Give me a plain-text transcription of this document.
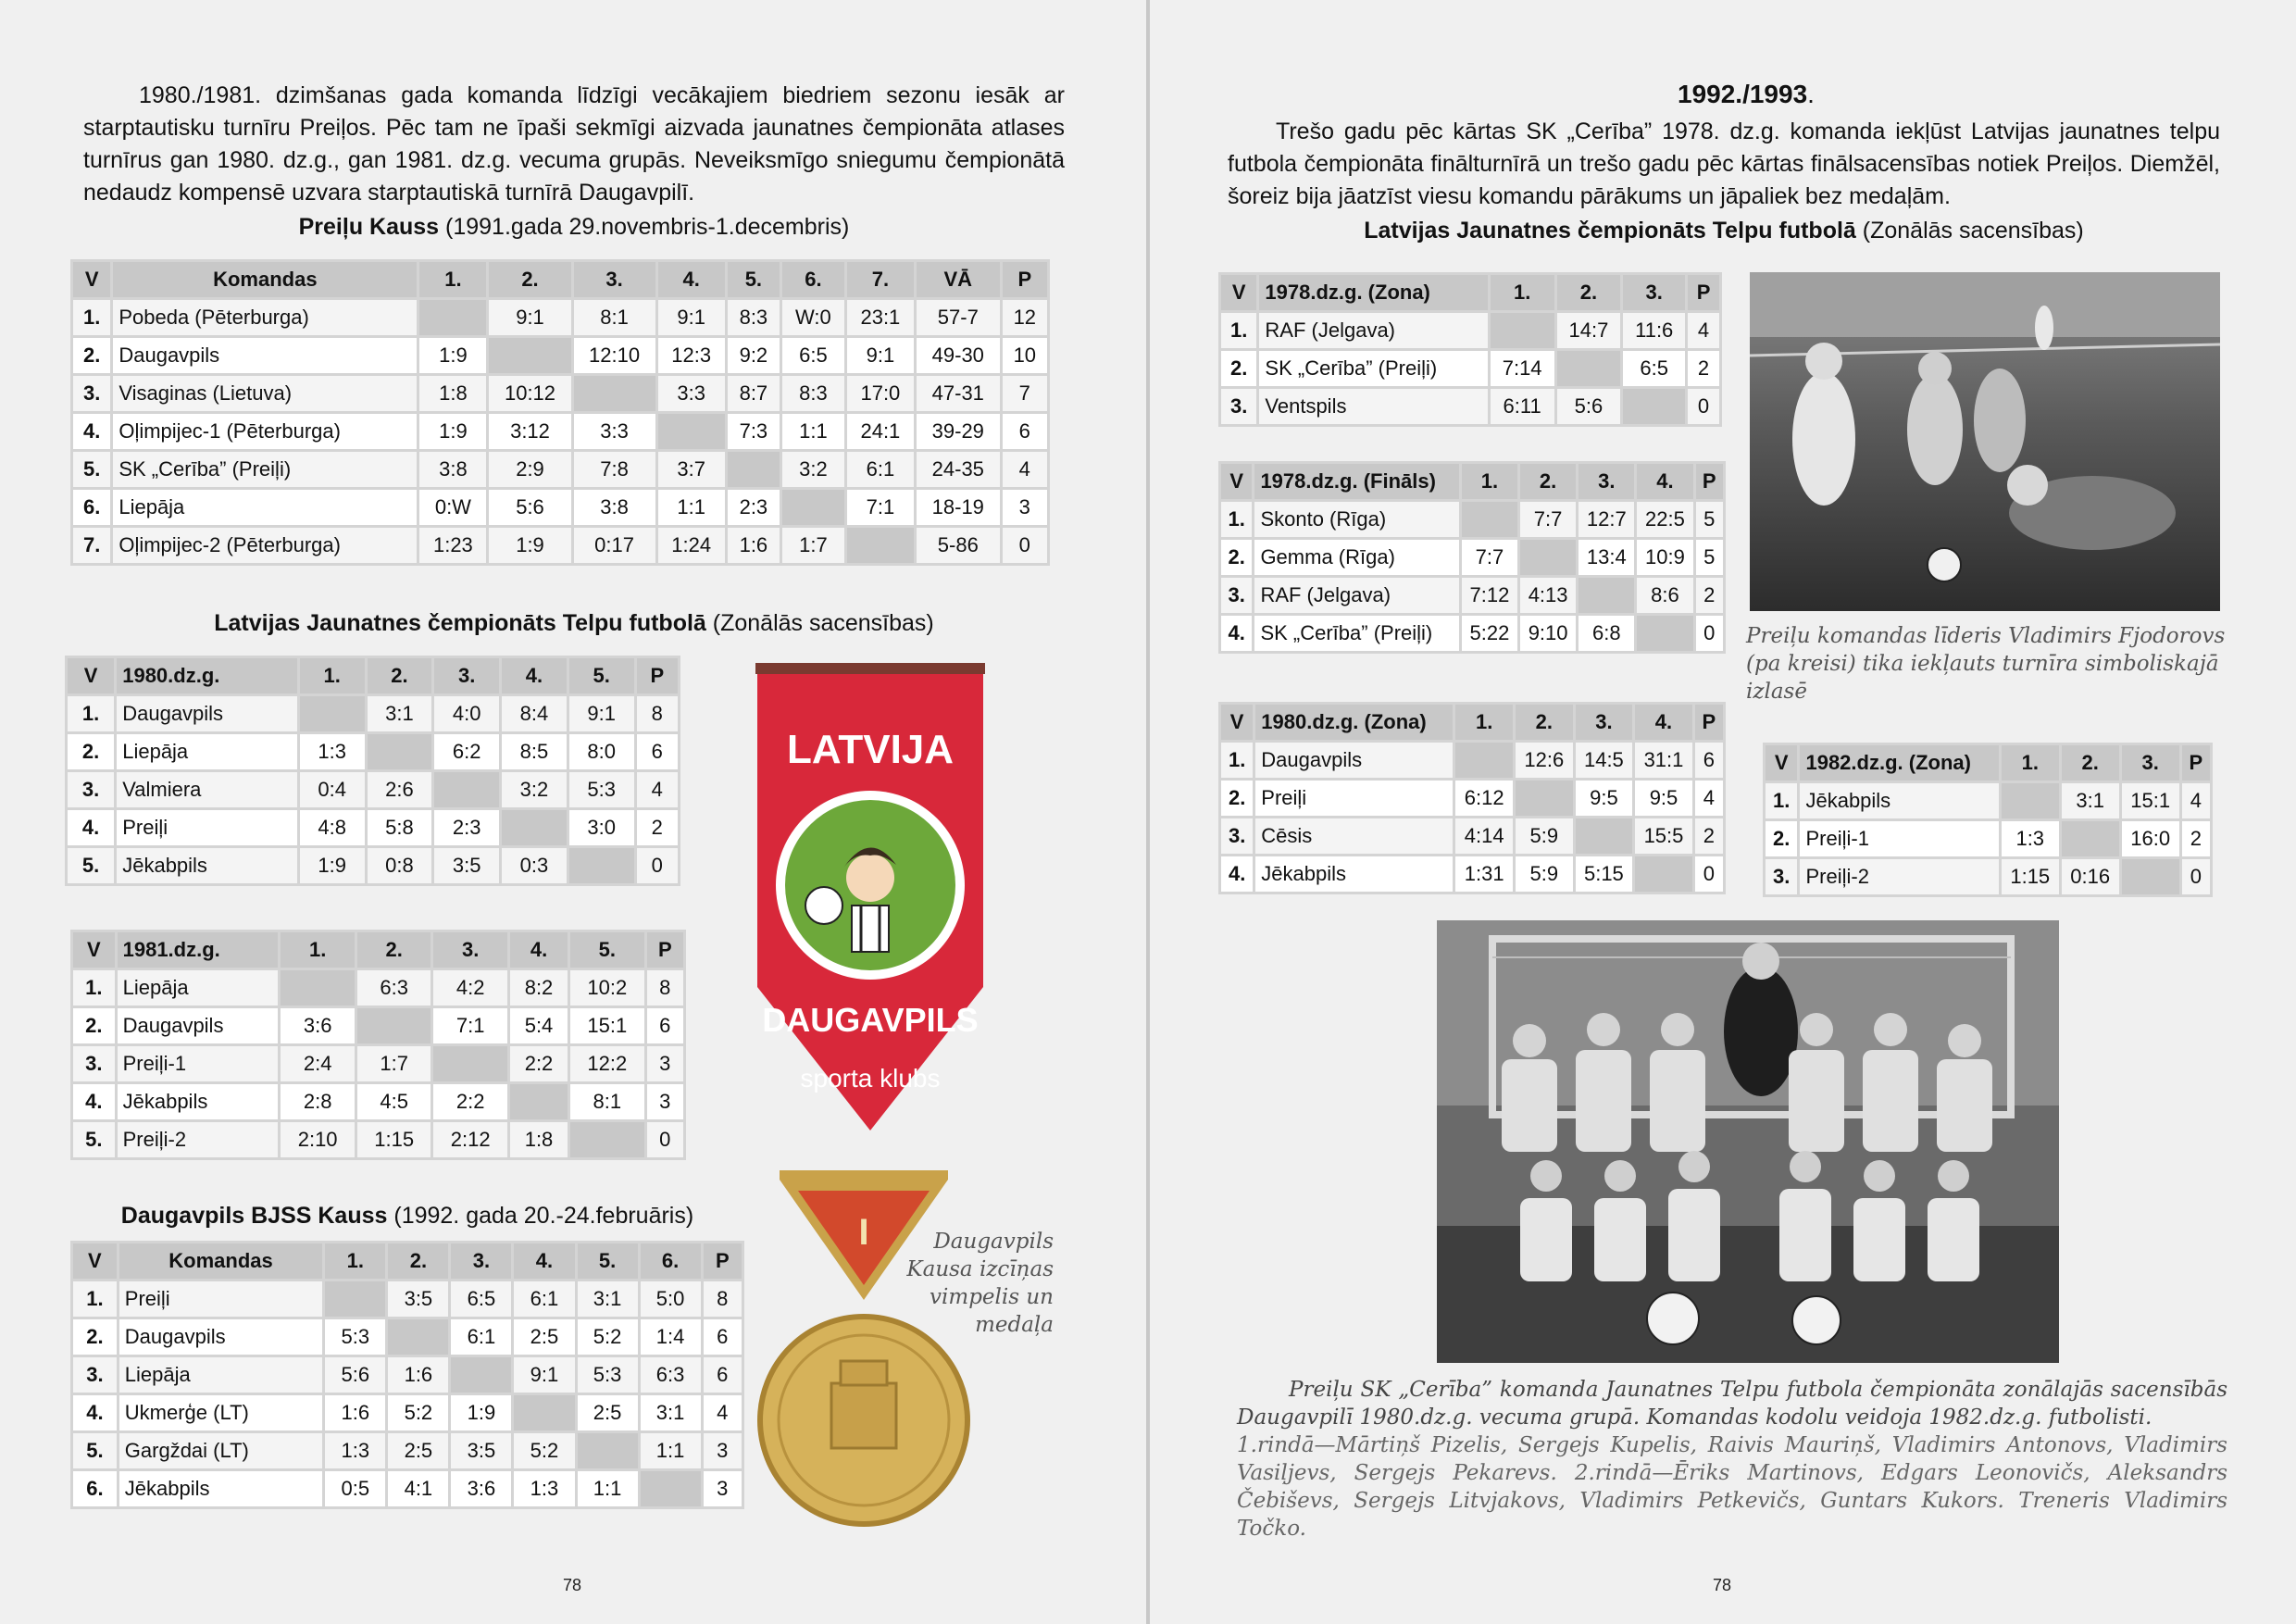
1980./1981. dzimšanas gada komanda līdzīgi vecākajiem biedriem sezonu iesāk ar starptautisku turnīru Preiļos. Pēc tam ne īpaši sekmīgi aizvada jaunatnes čempionāta atlases turnīrus gan 1980. dz.g., gan 1981. dz.g. vecuma grupās. Neveiksmīgo sniegumu čempionātā nedaudz kompensē uzvara starptautiskā turnīrā Daugavpilī.
Preiļu Kauss (1991.gada 29.novembris-1.decembris)
V	Komandas	1.	2.	3.	4.	5.	6.	7.	VĀ	P
1.	Pobeda (Pēterburga)		9:1	8:1	9:1	8:3	W:0	23:1	57-7	12
2.	Daugavpils	1:9		12:10	12:3	9:2	6:5	9:1	49-30	10
3.	Visaginas (Lietuva)	1:8	10:12		3:3	8:7	8:3	17:0	47-31	7
4.	Oļimpijec-1 (Pēterburga)	1:9	3:12	3:3		7:3	1:1	24:1	39-29	6
5.	SK „Cerība” (Preiļi)	3:8	2:9	7:8	3:7		3:2	6:1	24-35	4
6.	Liepāja	0:W	5:6	3:8	1:1	2:3		7:1	18-19	3
7.	Oļimpijec-2 (Pēterburga)	1:23	1:9	0:17	1:24	1:6	1:7		5-86	0
Latvijas Jaunatnes čempionāts Telpu futbolā (Zonālās sacensības)
V	1980.dz.g.	1.	2.	3.	4.	5.	P
1.	Daugavpils		3:1	4:0	8:4	9:1	8
2.	Liepāja	1:3		6:2	8:5	8:0	6
3.	Valmiera	0:4	2:6		3:2	5:3	4
4.	Preiļi	4:8	5:8	2:3		3:0	2
5.	Jēkabpils	1:9	0:8	3:5	0:3		0
V	1981.dz.g.	1.	2.	3.	4.	5.	P
1.	Liepāja		6:3	4:2	8:2	10:2	8
2.	Daugavpils	3:6		7:1	5:4	15:1	6
3.	Preiļi-1	2:4	1:7		2:2	12:2	3
4.	Jēkabpils	2:8	4:5	2:2		8:1	3
5.	Preiļi-2	2:10	1:15	2:12	1:8		0
Daugavpils BJSS Kauss (1992. gada 20.-24.februāris)
V	Komandas	1.	2.	3.	4.	5.	6.	P
1.	Preiļi		3:5	6:5	6:1	3:1	5:0	8
2.	Daugavpils	5:3		6:1	2:5	5:2	1:4	6
3.	Liepāja	5:6	1:6		9:1	5:3	6:3	6
4.	Ukmerģe (LT)	1:6	5:2	1:9		2:5	3:1	4
5.	Gargždai (LT)	1:3	2:5	3:5	5:2		1:1	3
6.	Jēkabpils	0:5	4:1	3:6	1:3	1:1		3
LATVIJA
DAUGAVPILS
sporta klubs
I	Daugavpils Kausa izcīņas vimpelis un medaļa
78
1992./1993.
Trešo gadu pēc kārtas SK „Cerība” 1978. dz.g. komanda iekļūst Latvijas jaunatnes telpu futbola čempionāta finālturnīrā un trešo gadu pēc kārtas finālsacensības notiek Preiļos. Diemžēl, šoreiz bija jāatzīst viesu komandu pārākums un jāpaliek bez medaļām.
Latvijas Jaunatnes čempionāts Telpu futbolā (Zonālās sacensības)
V	1978.dz.g. (Zona)	1.	2.	3.	P
1.	RAF (Jelgava)		14:7	11:6	4
2.	SK „Cerība” (Preiļi)	7:14		6:5	2
3.	Ventspils	6:11	5:6		0
V	1978.dz.g. (Fināls)	1.	2.	3.	4.	P
1.	Skonto (Rīga)		7:7	12:7	22:5	5
2.	Gemma (Rīga)	7:7		13:4	10:9	5
3.	RAF (Jelgava)	7:12	4:13		8:6	2
4.	SK „Cerība” (Preiļi)	5:22	9:10	6:8		0
V	1980.dz.g. (Zona)	1.	2.	3.	4.	P
1.	Daugavpils		12:6	14:5	31:1	6
2.	Preiļi	6:12		9:5	9:5	4
3.	Cēsis	4:14	5:9		15:5	2
4.	Jēkabpils	1:31	5:9	5:15		0
V	1982.dz.g. (Zona)	1.	2.	3.	P
1.	Jēkabpils		3:1	15:1	4
2.	Preiļi-1	1:3		16:0	2
3.	Preiļi-2	1:15	0:16		0
Preiļu komandas līderis Vladimirs Fjodorovs (pa kreisi) tika iekļauts turnīra simboliskajā izlasē
Preiļu SK „Cerība” komanda Jaunatnes Telpu futbola čempionāta zonālajās sacensībās Daugavpilī 1980.dz.g. vecuma grupā. Komandas kodolu veidoja 1982.dz.g. futbolisti.
1.rindā—Mārtiņš Pizelis, Sergejs Kupelis, Raivis Mauriņš, Vladimirs Antonovs, Vladimirs Vasiļjevs, Sergejs Pekarevs. 2.rindā—Ēriks Martinovs, Edgars Leonovičs, Aleksandrs Čebiševs, Sergejs Litvjakovs, Vladimirs Petkevičs, Guntars Kukors. Treneris Vladimirs Točko.
78
